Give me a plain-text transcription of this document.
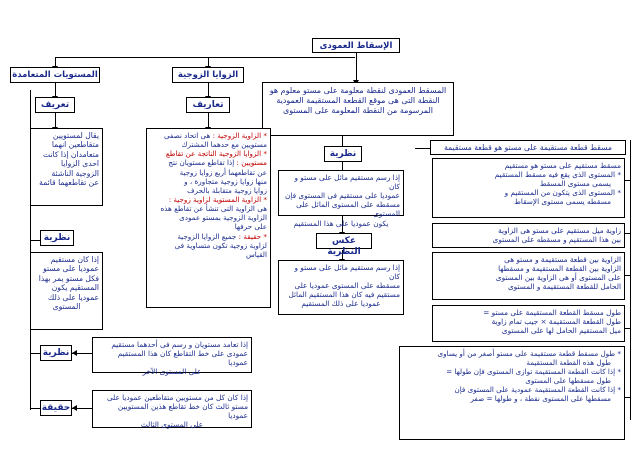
الإسقاط العمودى
المستويات المتعامدة	الزوايا الزوجية
تعريف	تعاريف

المسقط العمودى لنقطة معلومة على مستو معلوم هو

النقطة التى هى موقع القطعة المستقيمة العمودية

المرسومة من النقطة المعلومة على المستوى

مسقط قطعة مستقيمة على مستو هو قطعة مستقيمة

مسقط مستقيم على مستو هو مستقيم

* المستوى الذى يقع فيه مسقط المستقيم

يسمى مستوى المسقط

* المستوى الذى يتكون من المستقيم و

مسقطه يسمى مستوى الإسقاط

زاوية ميل مستقيم على مستو هى الزاوية

بين هذا المستقيم و مسقطه على المستوى

الزاوية بين قطعة مستقيمة و مستو هى

الزاوية بين القطعة المستقيمة و مسقطها

على المستوى أو هى الزاوية بين المستوى

الحامل للقطعة المستقيمة و المستوى

طول مسقط القطعة المستقيمة على مستو =

طول القطعة المستقيمة × جيب تمام زاوية

ميل المستقيم الحامل لها على المستوى

* طول مسقط قطعة مستقيمة على مستو أصغر من أو يساوى

طول هذه القطعة المستقيمة

* إذا كانت القطعة المستقيمة توازى المستوى فإن طولها =

طول مسقطها على المستوى

* إذا كانت القطعة المستقيمة عمودية على المستوى فإن

مسقطها على المستوى نقطة ، و طولها = صفر

نظرية

إذا رسم مستقيم مائل على مستو و كان

عموديا على مستقيم فى المستوى فإن

مسقطه على المستوى المائل على المستوى

يكون عموديا على هذا المستقيم

عكس النظرية

إذا رسم مستقيم مائل على مستو و كان

مسقطه على المستوى عموديا على

مستقيم فيه كان هذا المستقيم المائل

عموديا على ذلك المستقيم

* الزاوية الزوجية : هى اتحاد نصفى

مستويين مع حدهما المشترك

* الزوايا الزوجية الناتجة عن تقاطع

مستويين : إذا تقاطع مستويان نتج

عن تقاطعهما أربع زوايا زوجية

منها زوايا زوجية متجاورة ، و

زوايا زوجية متقابلة بالحرف

* الزاوية المستوية لزاوية زوجية :

هى الزاوية التى تنشأ عن تقاطع هذه

الزاوية الزوجية بمستو عمودى

على حرفها

* حقيقة : جميع الزوايا الزوجية

لزاوية زوجية تكون متساوية فى

القياس

يقال لمستويين

متقاطعين انهما

متعامدان إذا كانت

احدى الزوايا

الزوجية الناشئة

عن تقاطعهما قائمة

نظرية

إذا كان مستقيم

عموديا على مستو

فكل مستو يمر بهذا

المستقيم يكون

عموديا على ذلك

المستوى

نظرية

إذا تعامد مستويان و رسم فى أحدهما مستقيم

عمودى على خط التقاطع كان هذا المستقيم عموديا

على المستوى الآخر

حقيقة

إذا كان كل من مستويين متقاطعين عموديا على

مستو ثالث كان خط تقاطع هذين المستويين عموديا

على المستوى الثالث
